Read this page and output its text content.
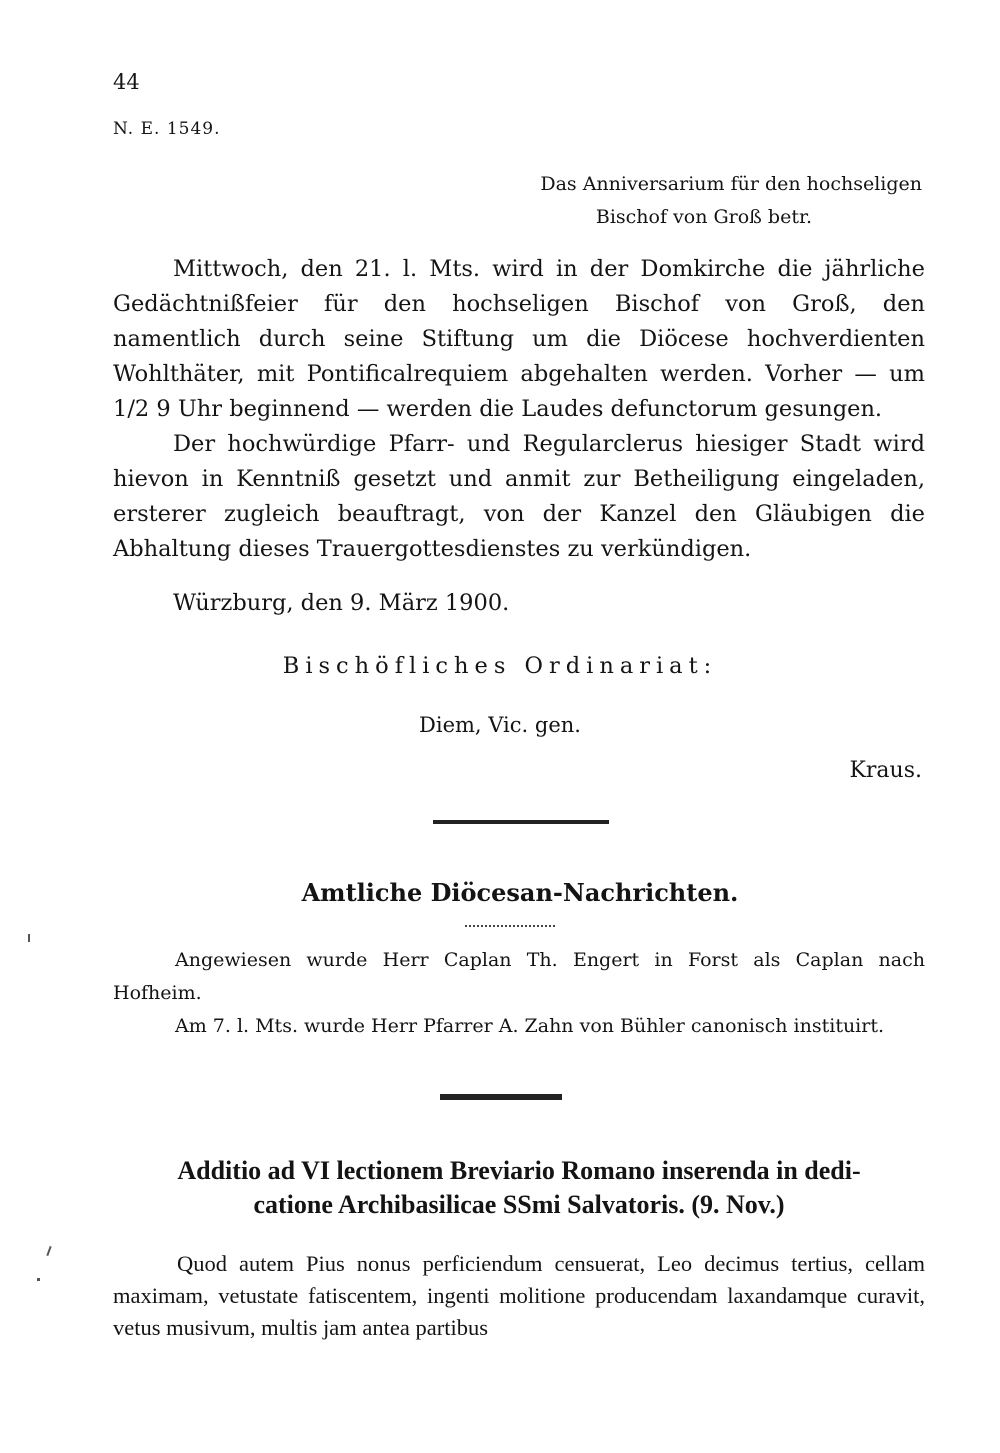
44
N. E. 1549.
Das Anniversarium für den hochseligen
Bischof von Groß betr.

Mittwoch, den 21. l. Mts. wird in der Domkirche die jährliche Gedächtnißfeier für den hochseligen Bischof von Groß, den namentlich durch seine Stiftung um die Diöcese hochverdienten Wohlthäter, mit Pontificalrequiem abgehalten werden. Vorher — um 1/2 9 Uhr beginnend — werden die Laudes defunctorum gesungen.

Der hochwürdige Pfarr- und Regularclerus hiesiger Stadt wird hievon in Kenntniß gesetzt und anmit zur Betheiligung eingeladen, ersterer zugleich beauftragt, von der Kanzel den Gläubigen die Abhaltung dieses Trauergottesdienstes zu verkündigen.

Würzburg, den 9. März 1900.
Bischöfliches Ordinariat:
Diem, Vic. gen.
Kraus.
Amtliche Diöcesan-Nachrichten.

Angewiesen wurde Herr Caplan Th. Engert in Forst als Caplan nach Hofheim.

Am 7. l. Mts. wurde Herr Pfarrer A. Zahn von Bühler canonisch instituirt.

Additio ad VI lectionem Breviario Romano inserenda in dedi-
catione Archibasilicae SSmi Salvatoris. (9. Nov.)

Quod autem Pius nonus perficiendum censuerat, Leo decimus tertius, cellam maximam, vetustate fatiscentem, ingenti molitione producendam laxandamque curavit, vetus musivum, multis jam antea partibus
